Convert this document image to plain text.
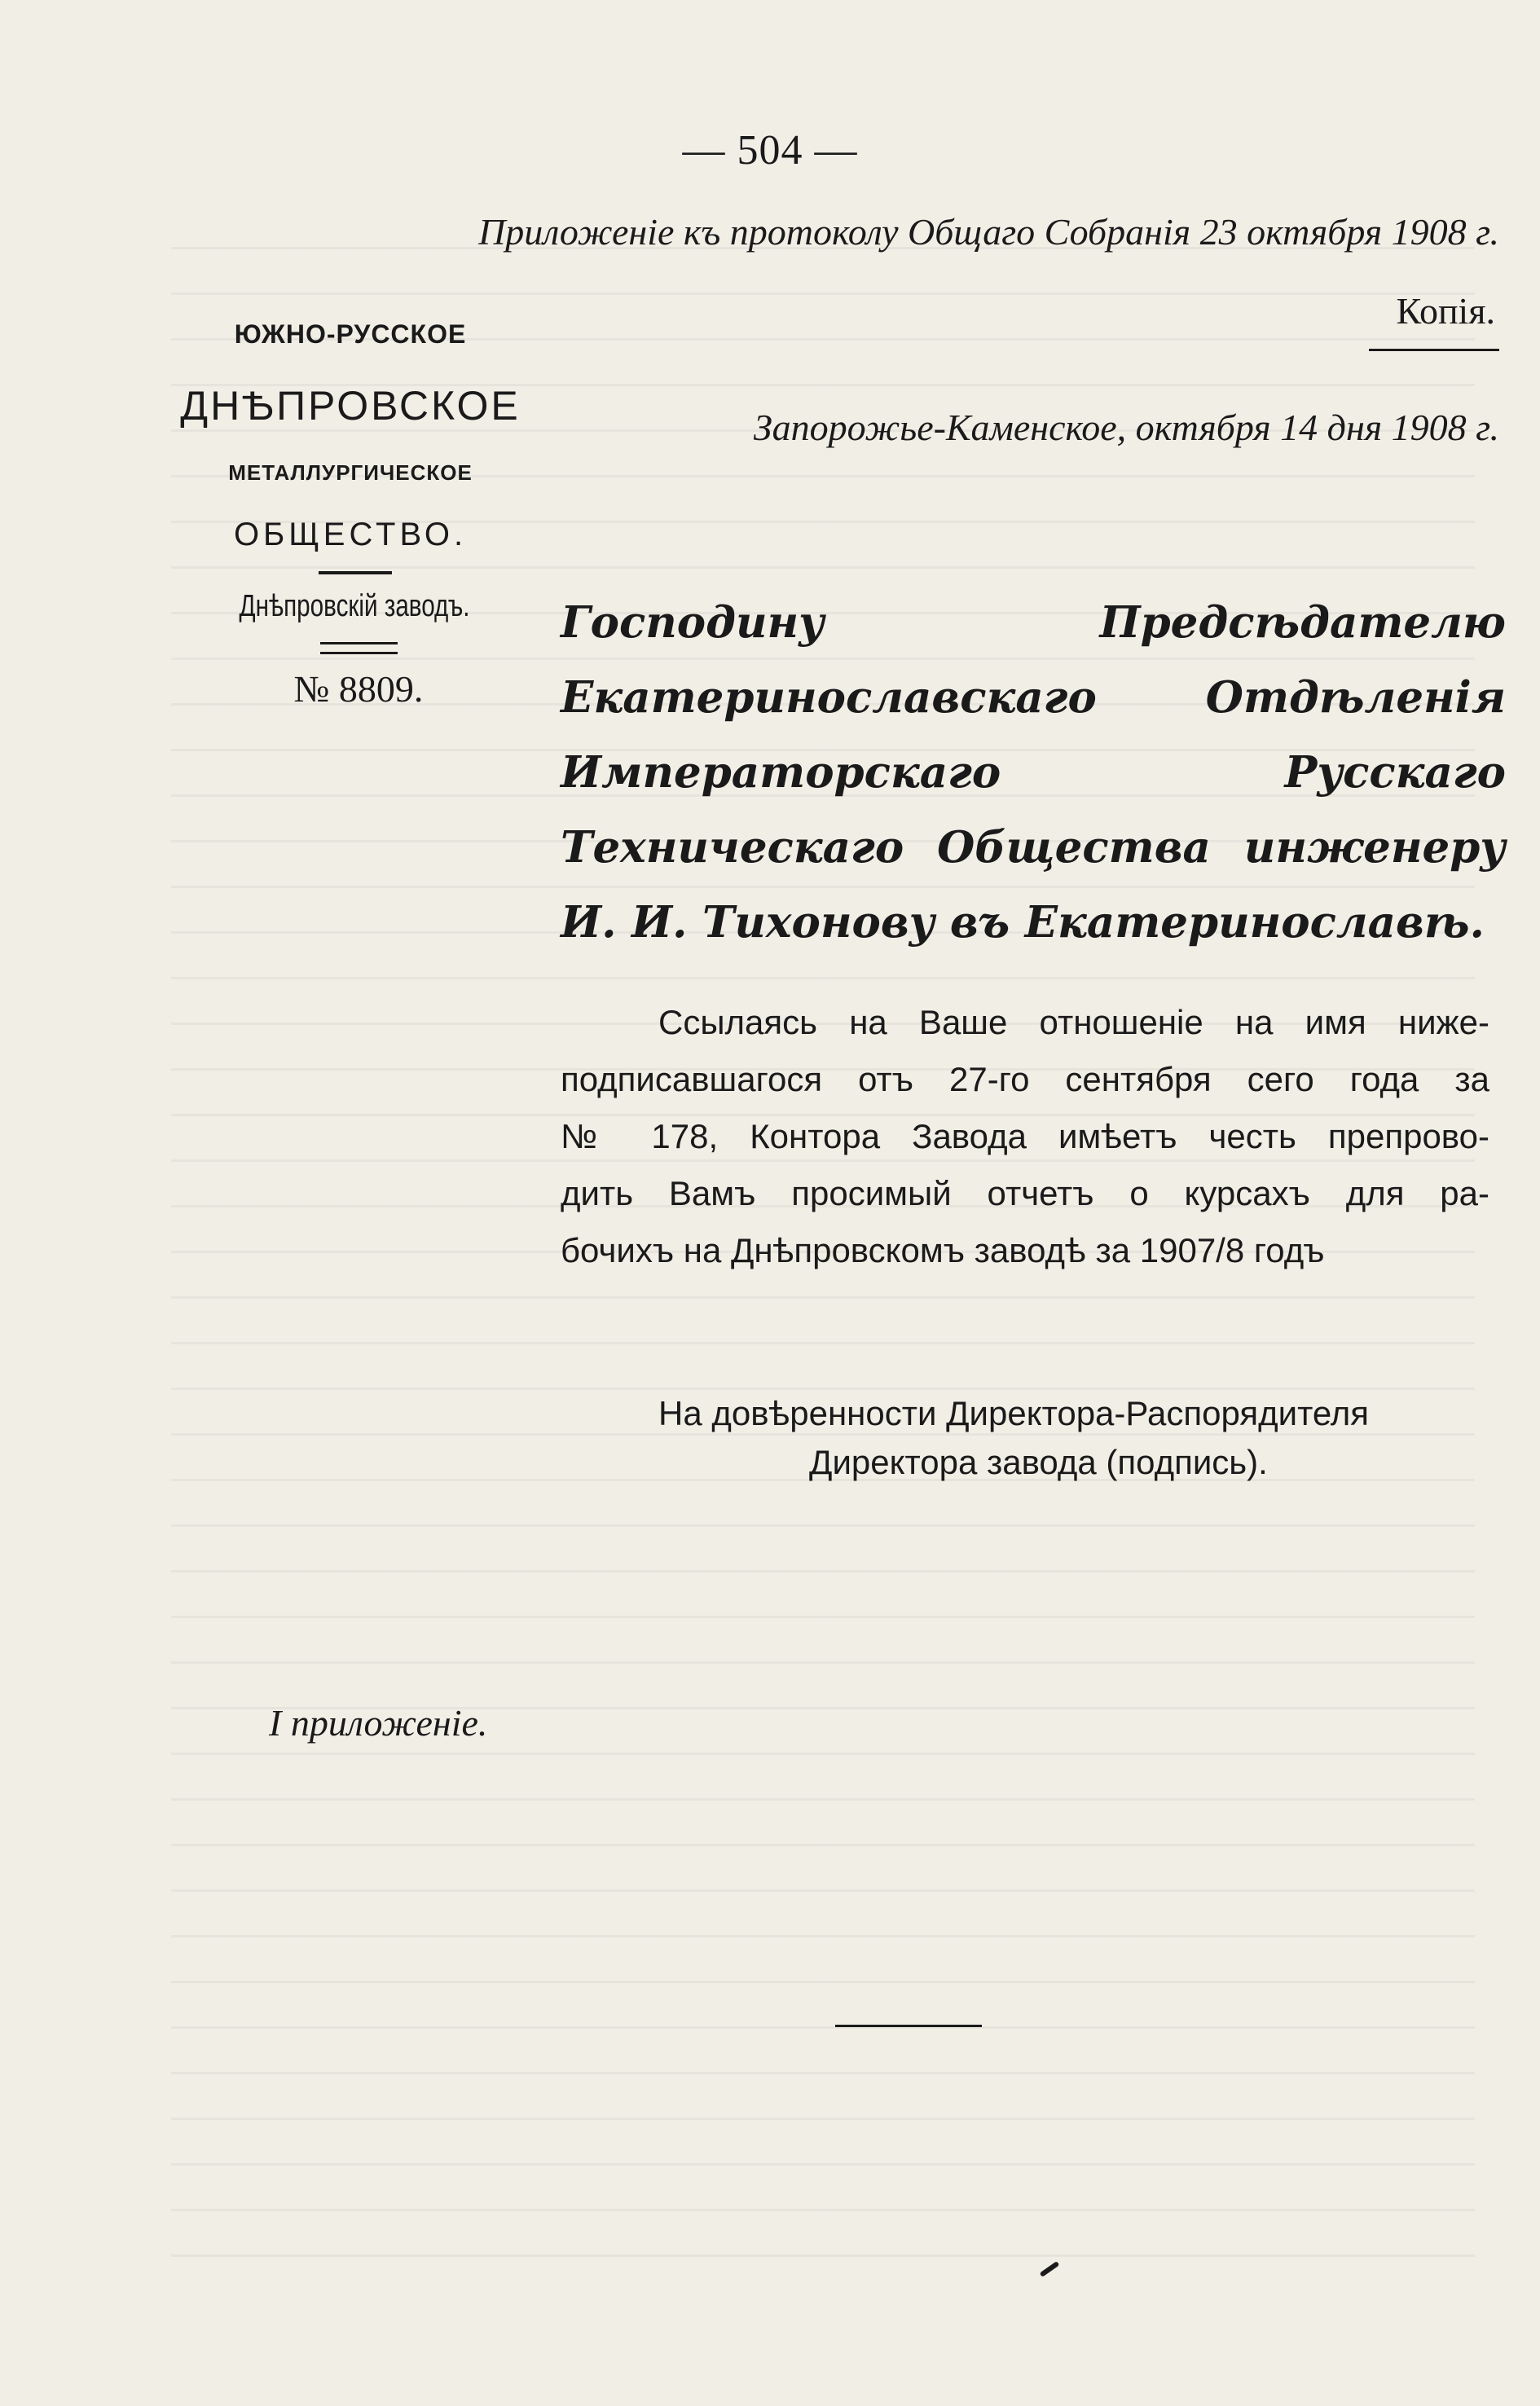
— 504 —
Приложеніе къ протоколу Общаго Собранія 23 октября 1908 г.
Копія.
ЮЖНО-РУССКОЕ
ДНѢПРОВСКОЕ
МЕТАЛЛУРГИЧЕСКОЕ
ОБЩЕСТВО.
Днѣпровскій заводъ.
№ 8809.
Запорожье-Каменское, октября 14 дня 1908 г.
Господину Предсѣдателю Екатеринославскаго Отдѣленія Императорскаго Русскаго Техническаго Общества инженеру И. И. Тихонову въ Екатеринославѣ.
Ссылаясь на Ваше отношеніе на имя ниже-
подписавшагося отъ 27-го сентября сего года за
№ 178, Контора Завода имѣетъ честь препрово-
дить Вамъ просимый отчетъ о курсахъ для ра-
бочихъ на Днѣпровскомъ заводѣ за 1907/8 годъ
На довѣренности Директора-Распорядителя
Директора завода (подпись).
I приложеніе.
